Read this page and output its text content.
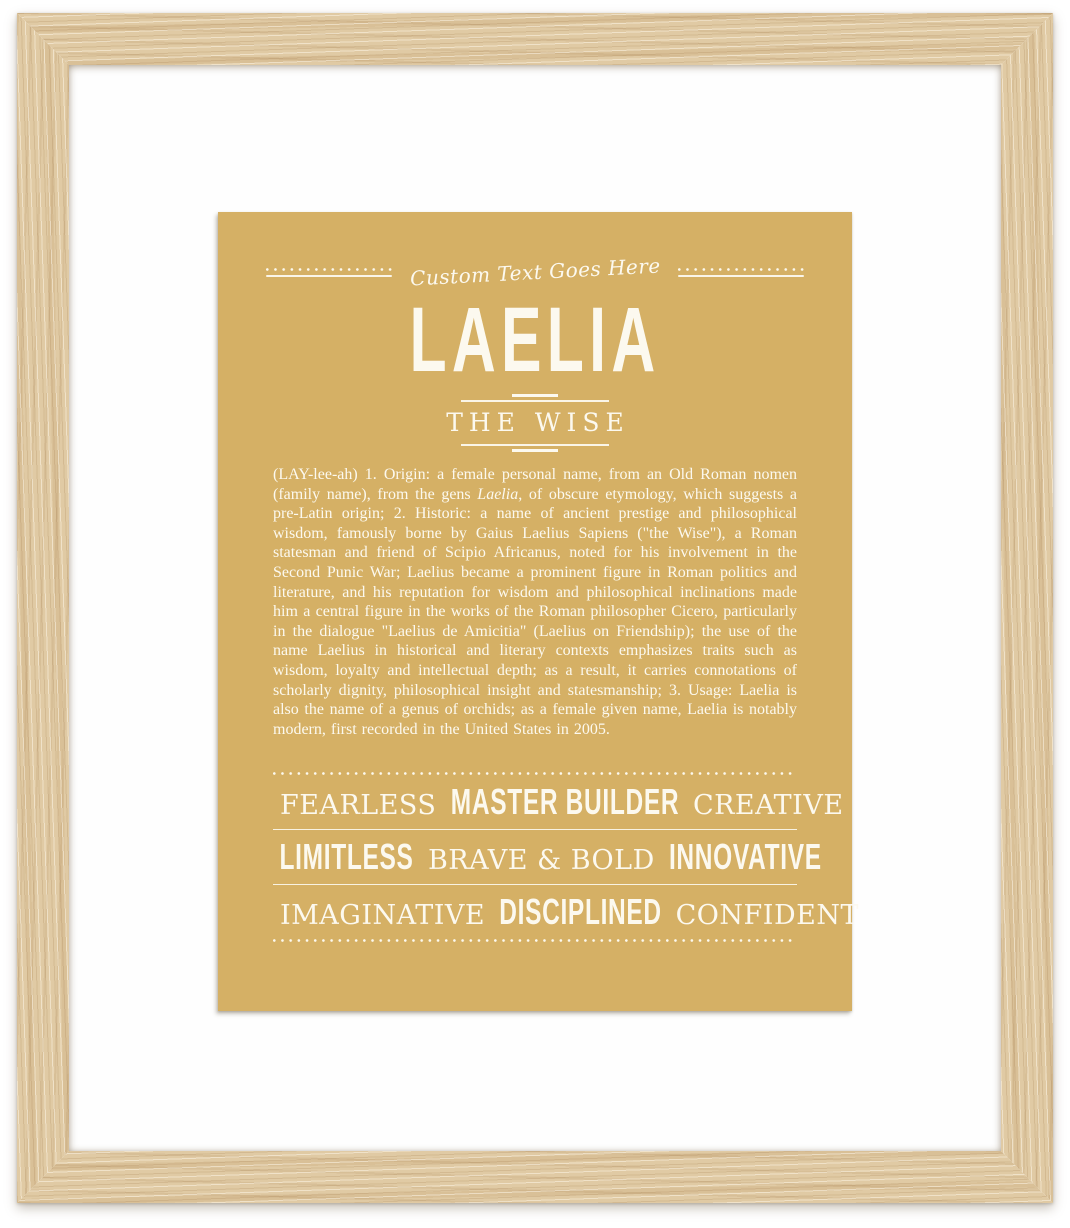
Custom Text Goes Here
LAELIA
THE WISE

(LAY-lee-ah) 1. Origin: a female personal name, from an Old Roman nomen (family name), from the gens Laelia, of obscure etymology, which suggests a pre-Latin origin; 2. Historic: a name of ancient prestige and philosophical wisdom, famously borne by Gaius Laelius Sapiens ("the Wise"), a Roman statesman and friend of Scipio Africanus, noted for his involvement in the Second Punic War; Laelius became a prominent figure in Roman politics and literature, and his reputation for wisdom and philosophical inclinations made him a central figure in the works of the Roman philosopher Cicero, particularly in the dialogue "Laelius de Amicitia" (Laelius on Friendship); the use of the name Laelius in historical and literary contexts emphasizes traits such as wisdom, loyalty and intellectual depth; as a result, it carries connotations of scholarly dignity, philosophical insight and statesmanship; 3. Usage: Laelia is also the name of a genus of orchids; as a female given name, Laelia is notably modern, first recorded in the United States in 2005.

FEARLESS MASTER BUILDER CREATIVE
LIMITLESS BRAVE & BOLD INNOVATIVE
IMAGINATIVE DISCIPLINED CONFIDENT
